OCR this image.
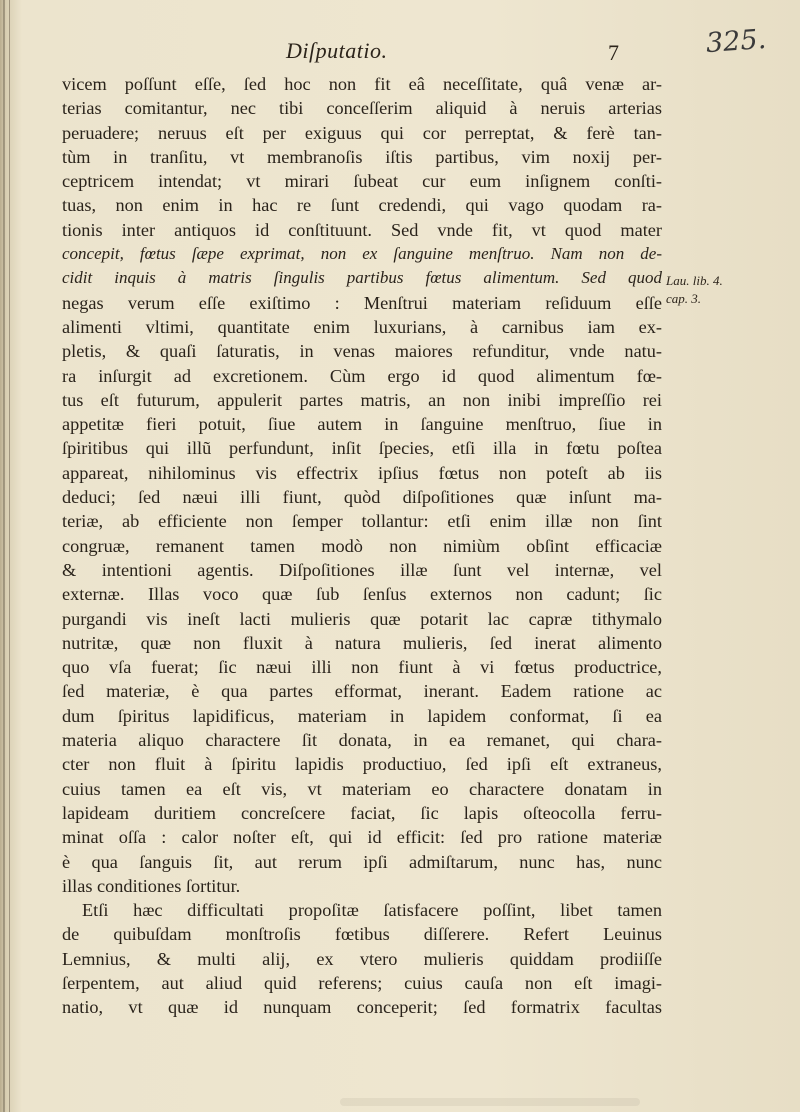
Diſputatio.	7	325.
Lau. lib. 4.
cap. 3.
vicem poſſunt eſſe, ſed hoc non fit eâ neceſſitate, quâ venæ ar-
terias comitantur, nec tibi conceſſerim aliquid à neruis arterias
peruadere; neruus eſt per exiguus qui cor perreptat, & ferè tan-
tùm in tranſitu, vt membranoſis iſtis partibus, vim noxij per-
ceptricem intendat; vt mirari ſubeat cur eum inſignem conſti-
tuas, non enim in hac re ſunt credendi, qui vago quodam ra-
tionis inter antiquos id conſtituunt. Sed vnde fit, vt quod mater
concepit, fœtus ſæpe exprimat, non ex ſanguine menſtruo. Nam non de-
cidit inquis à matris ſingulis partibus fœtus alimentum. Sed quod
negas verum eſſe exiſtimo : Menſtrui materiam reſiduum eſſe
alimenti vltimi, quantitate enim luxurians, à carnibus iam ex-
pletis, & quaſi ſaturatis, in venas maiores refunditur, vnde natu-
ra inſurgit ad excretionem. Cùm ergo id quod alimentum fœ-
tus eſt futurum, appulerit partes matris, an non inibi impreſſio rei
appetitæ fieri potuit, ſiue autem in ſanguine menſtruo, ſiue in
ſpiritibus qui illũ perfundunt, inſit ſpecies, etſi illa in fœtu poſtea
appareat, nihilominus vis effectrix ipſius fœtus non poteſt ab iis
deduci; ſed næui illi fiunt, quòd diſpoſitiones quæ inſunt ma-
teriæ, ab efficiente non ſemper tollantur: etſi enim illæ non ſint
congruæ, remanent tamen modò non nimiùm obſint efficaciæ
& intentioni agentis. Diſpoſitiones illæ ſunt vel internæ, vel
externæ. Illas voco quæ ſub ſenſus externos non cadunt; ſic
purgandi vis ineſt lacti mulieris quæ potarit lac capræ tithymalo
nutritæ, quæ non fluxit à natura mulieris, ſed inerat alimento
quo vſa fuerat; ſic næui illi non fiunt à vi fœtus productrice,
ſed materiæ, è qua partes efformat, inerant. Eadem ratione ac
dum ſpiritus lapidificus, materiam in lapidem conformat, ſi ea
materia aliquo charactere ſit donata, in ea remanet, qui chara-
cter non fluit à ſpiritu lapidis productiuo, ſed ipſi eſt extraneus,
cuius tamen ea eſt vis, vt materiam eo charactere donatam in
lapideam duritiem concreſcere faciat, ſic lapis oſteocolla ferru-
minat oſſa : calor noſter eſt, qui id efficit: ſed pro ratione materiæ
è qua ſanguis ſit, aut rerum ipſi admiſtarum, nunc has, nunc
illas conditiones ſortitur.
Etſi hæc difficultati propoſitæ ſatisfacere poſſint, libet tamen
de quibuſdam monſtroſis fœtibus diſſerere. Refert Leuinus
Lemnius, & multi alij, ex vtero mulieris quiddam prodiiſſe
ſerpentem, aut aliud quid referens; cuius cauſa non eſt imagi-
natio, vt quæ id nunquam conceperit; ſed formatrix facultas
